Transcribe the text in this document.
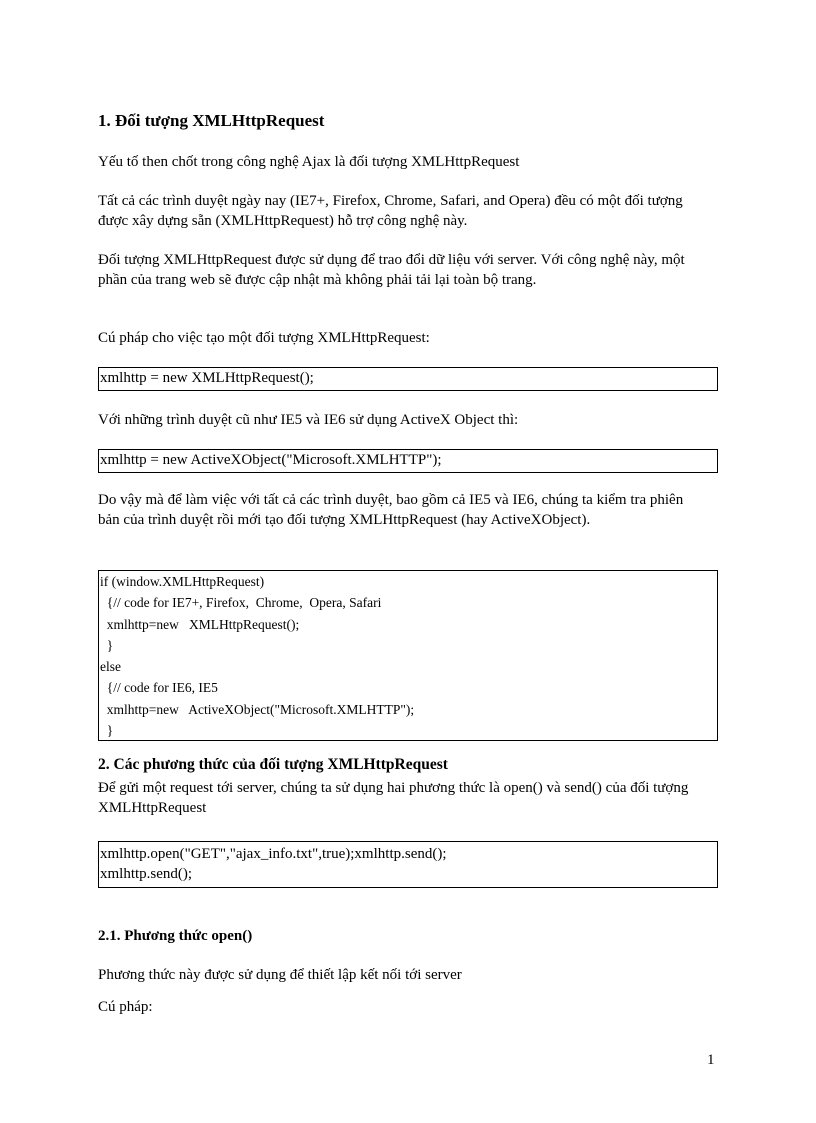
1. Đối tượng XMLHttpRequest
Yếu tố then chốt trong công nghệ Ajax là đối tượng XMLHttpRequest
Tất cả các trình duyệt ngày nay (IE7+, Firefox, Chrome, Safari, and Opera) đều có một đối tượng được xây dựng sẵn (XMLHttpRequest) hỗ trợ công nghệ này.
Đối tượng XMLHttpRequest được sử dụng để trao đổi dữ liệu với server. Với công nghệ này, một phần của trang web sẽ được cập nhật mà không phải tải lại toàn bộ trang.
Cú pháp cho việc tạo một đối tượng XMLHttpRequest:
xmlhttp = new XMLHttpRequest();
Với những trình duyệt cũ như IE5 và IE6 sử dụng ActiveX Object thì:
xmlhttp = new ActiveXObject("Microsoft.XMLHTTP");
Do vậy mà để làm việc với tất cả các trình duyệt, bao gồm cả IE5 và IE6, chúng ta kiểm tra phiên bản của trình duyệt rồi mới tạo đối tượng XMLHttpRequest (hay ActiveXObject).
if (window.XMLHttpRequest)
{// code for IE7+, Firefox,  Chrome,  Opera, Safari
xmlhttp=new   XMLHttpRequest();
}
else
{// code for IE6, IE5
xmlhttp=new   ActiveXObject("Microsoft.XMLHTTP");
}
2. Các phương thức của đối tượng XMLHttpRequest
Để gửi một request tới server, chúng ta sử dụng hai phương thức là open() và send() của đối tượng XMLHttpRequest
xmlhttp.open("GET","ajax_info.txt",true);xmlhttp.send();
xmlhttp.send();
2.1. Phương thức open()
Phương thức này được sử dụng để thiết lập kết nối tới server
Cú pháp:
1
